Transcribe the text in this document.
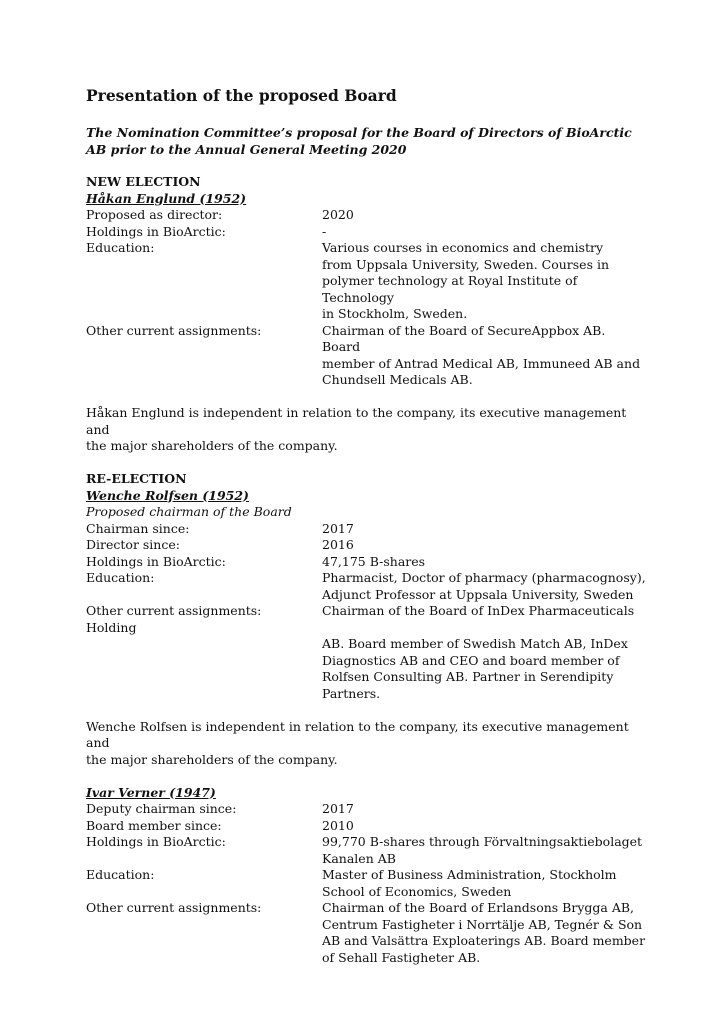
Presentation of the proposed Board
The Nomination Committee’s proposal for the Board of Directors of BioArctic AB prior to the Annual General Meeting 2020
NEW ELECTION
Håkan Englund (1952)
Proposed as director:	2020
Holdings in BioArctic:	-
Education:	Various courses in economics and chemistry
from Uppsala University, Sweden. Courses in
polymer technology at Royal Institute of Technology
in Stockholm, Sweden.
Other current assignments:	Chairman of the Board of SecureAppbox AB. Board
member of Antrad Medical AB, Immuneed AB and
Chundsell Medicals AB.
Håkan Englund is independent in relation to the company, its executive management and
the major shareholders of the company.
RE-ELECTION
Wenche Rolfsen (1952)
Proposed chairman of the Board
Chairman since:	2017
Director since:	2016
Holdings in BioArctic:	47,175 B-shares
Education:	Pharmacist, Doctor of pharmacy (pharmacognosy),
Adjunct Professor at Uppsala University, Sweden
Other current assignments:	Chairman of the Board of InDex Pharmaceuticals
Holding
AB. Board member of Swedish Match AB, InDex
Diagnostics AB and CEO and board member of
Rolfsen Consulting AB. Partner in Serendipity
Partners.
Wenche Rolfsen is independent in relation to the company, its executive management and
the major shareholders of the company.
Ivar Verner (1947)
Deputy chairman since:	2017
Board member since:	2010
Holdings in BioArctic:	99,770 B-shares through Förvaltningsaktiebolaget
Kanalen AB
Education:	Master of Business Administration, Stockholm
School of Economics, Sweden
Other current assignments:	Chairman of the Board of Erlandsons Brygga AB,
Centrum Fastigheter i Norrtälje AB, Tegnér & Son
AB and Valsättra Exploaterings AB. Board member
of Sehall Fastigheter AB.
